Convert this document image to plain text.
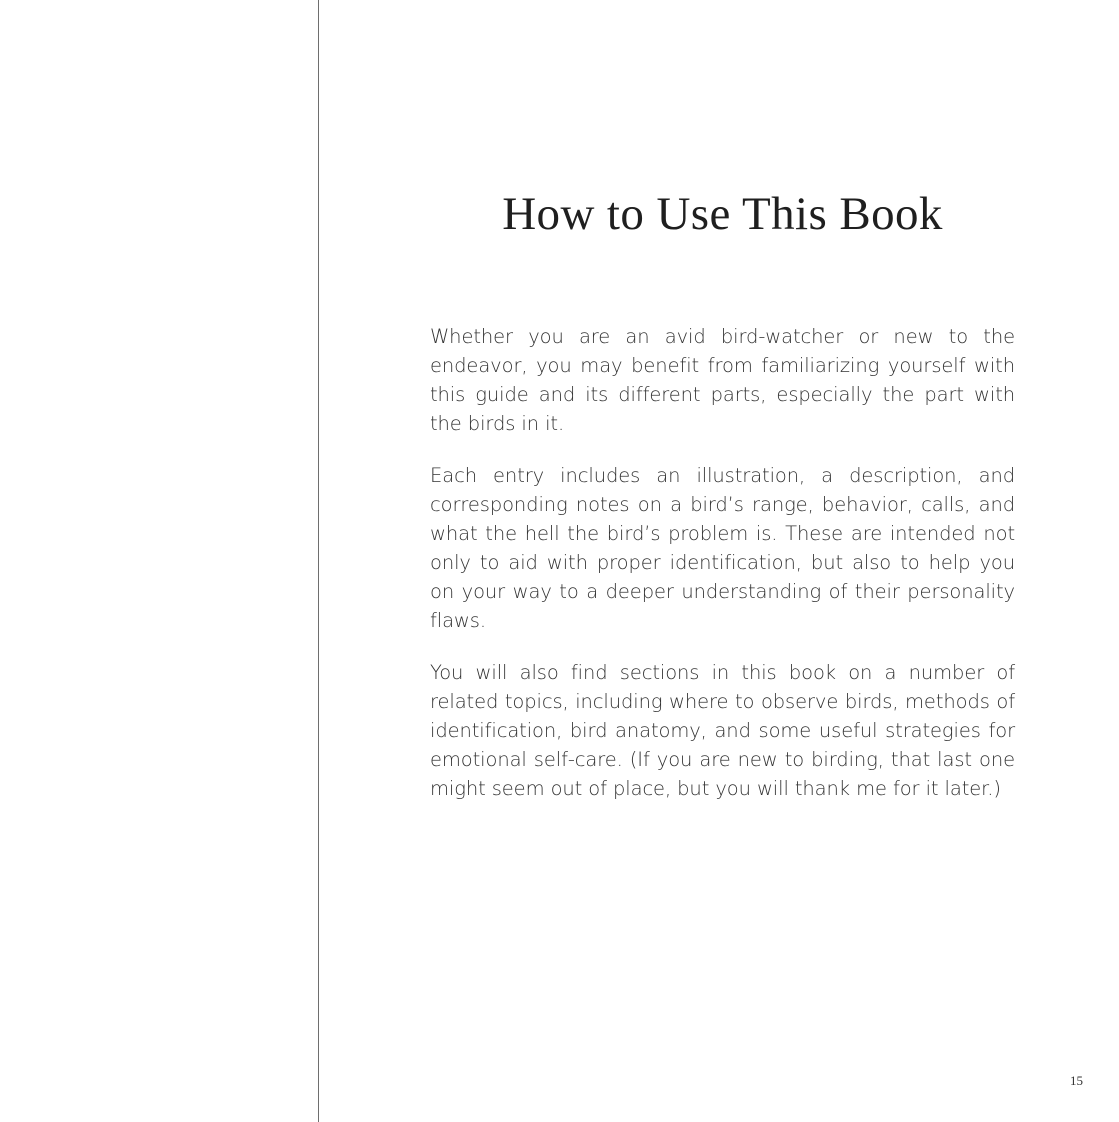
How to Use This Book

Whether you are an avid bird-watcher or new to the endeavor, you may benefit from familiarizing yourself with this guide and its different parts, especially the part with the birds in it.

Each entry includes an illustration, a description, and corresponding notes on a bird’s range, behavior, calls, and what the hell the bird’s problem is. These are intended not only to aid with proper identification, but also to help you on your way to a deeper understanding of their personality flaws.

You will also find sections in this book on a number of related topics, including where to observe birds, methods of identification, bird anatomy, and some useful strategies for emotional self-care. (If you are new to birding, that last one might seem out of place, but you will thank me for it later.)

15
